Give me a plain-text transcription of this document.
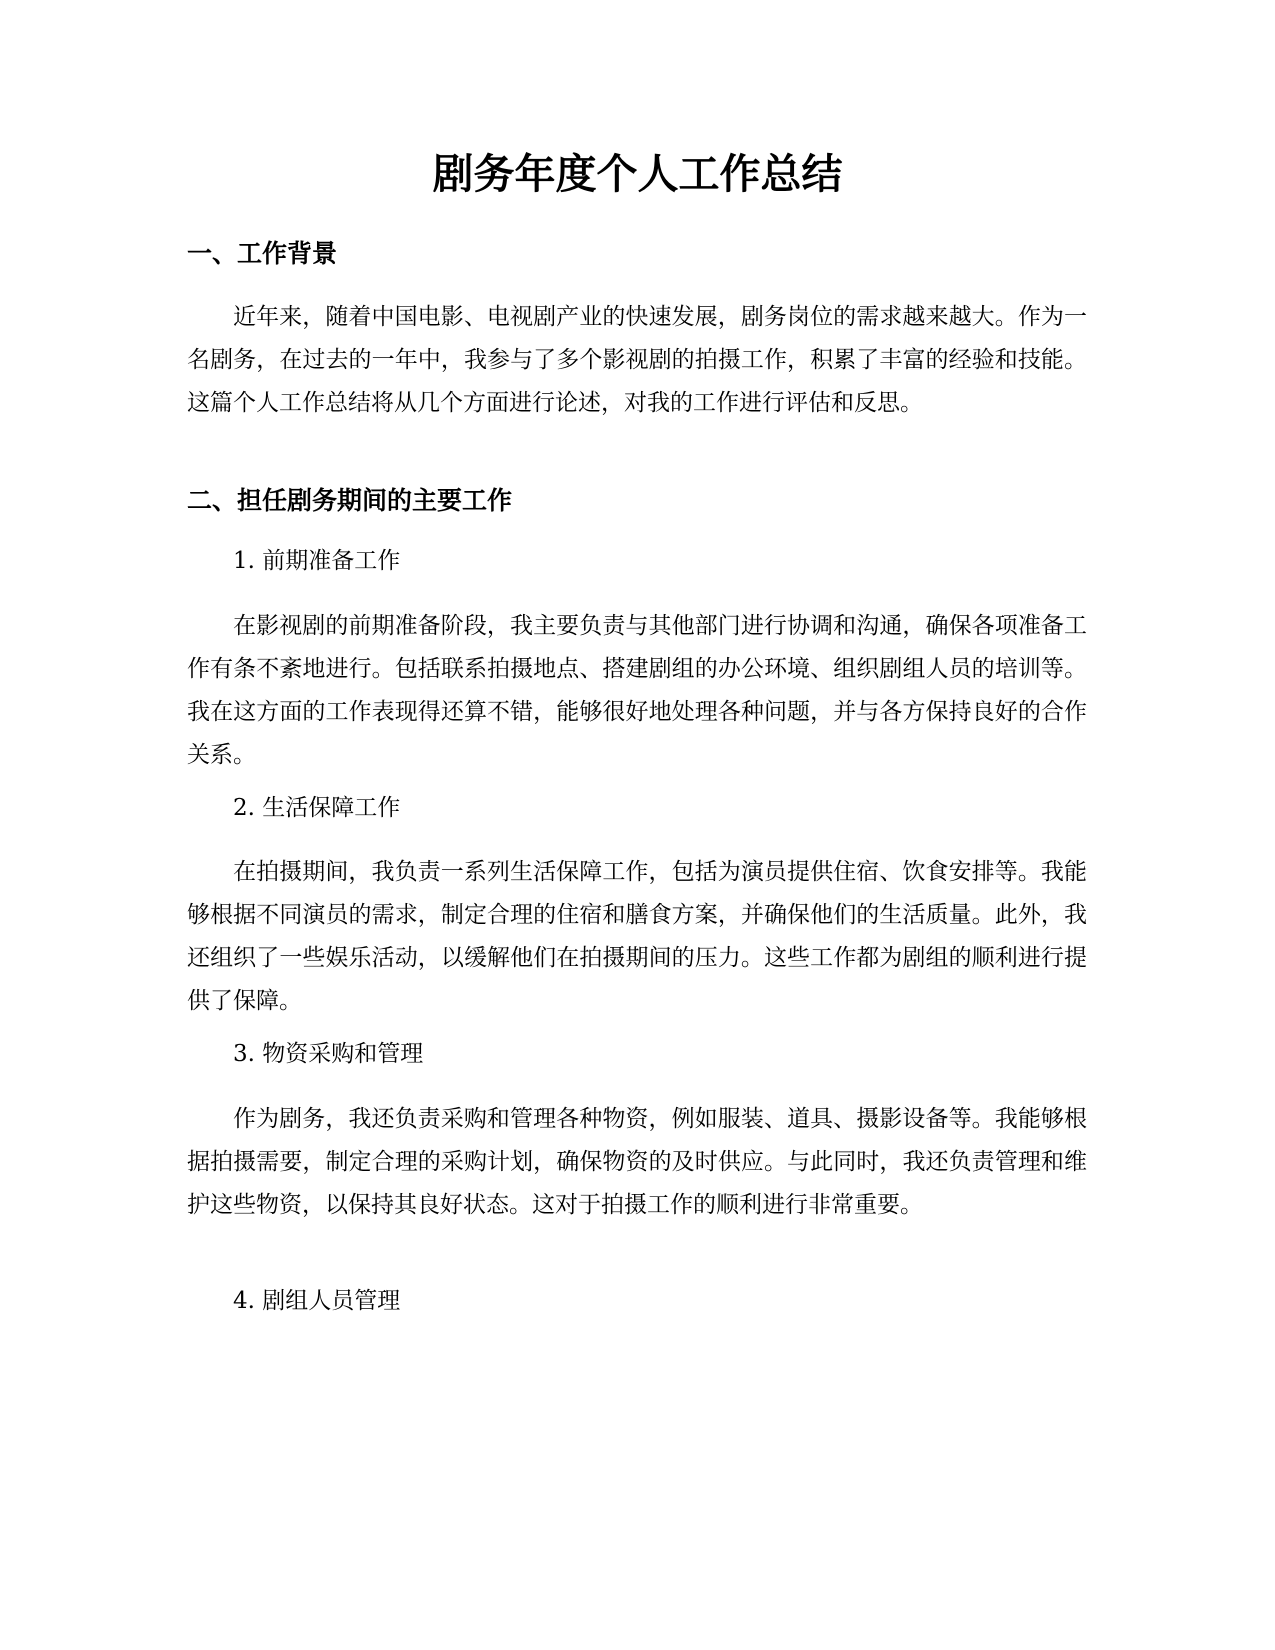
剧务年度个人工作总结
一、工作背景

近年来，随着中国电影、电视剧产业的快速发展，剧务岗位的需求越来越大。作为一名剧务，在过去的一年中，我参与了多个影视剧的拍摄工作，积累了丰富的经验和技能。这篇个人工作总结将从几个方面进行论述，对我的工作进行评估和反思。

二、担任剧务期间的主要工作

1. 前期准备工作

在影视剧的前期准备阶段，我主要负责与其他部门进行协调和沟通，确保各项准备工作有条不紊地进行。包括联系拍摄地点、搭建剧组的办公环境、组织剧组人员的培训等。我在这方面的工作表现得还算不错，能够很好地处理各种问题，并与各方保持良好的合作关系。

2. 生活保障工作

在拍摄期间，我负责一系列生活保障工作，包括为演员提供住宿、饮食安排等。我能够根据不同演员的需求，制定合理的住宿和膳食方案，并确保他们的生活质量。此外，我还组织了一些娱乐活动，以缓解他们在拍摄期间的压力。这些工作都为剧组的顺利进行提供了保障。

3. 物资采购和管理

作为剧务，我还负责采购和管理各种物资，例如服装、道具、摄影设备等。我能够根据拍摄需要，制定合理的采购计划，确保物资的及时供应。与此同时，我还负责管理和维护这些物资，以保持其良好状态。这对于拍摄工作的顺利进行非常重要。

4. 剧组人员管理
